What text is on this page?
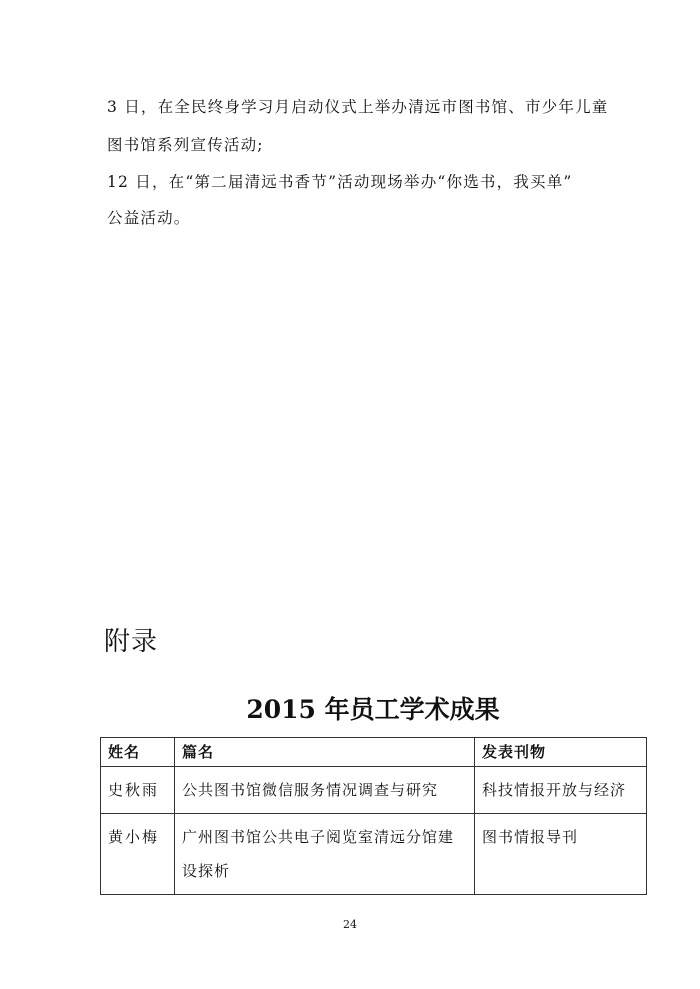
3 日，在全民终身学习月启动仪式上举办清远市图书馆、市少年儿童

图书馆系列宣传活动;

12 日，在“第二届清远书香节”活动现场举办“你选书，我买单”

公益活动。

附录
2015 年员工学术成果
姓名	篇名	发表刊物
史秋雨	公共图书馆微信服务情况调查与研究	科技情报开放与经济
黄小梅	广州图书馆公共电子阅览室清远分馆建设探析	图书情报导刊
24
